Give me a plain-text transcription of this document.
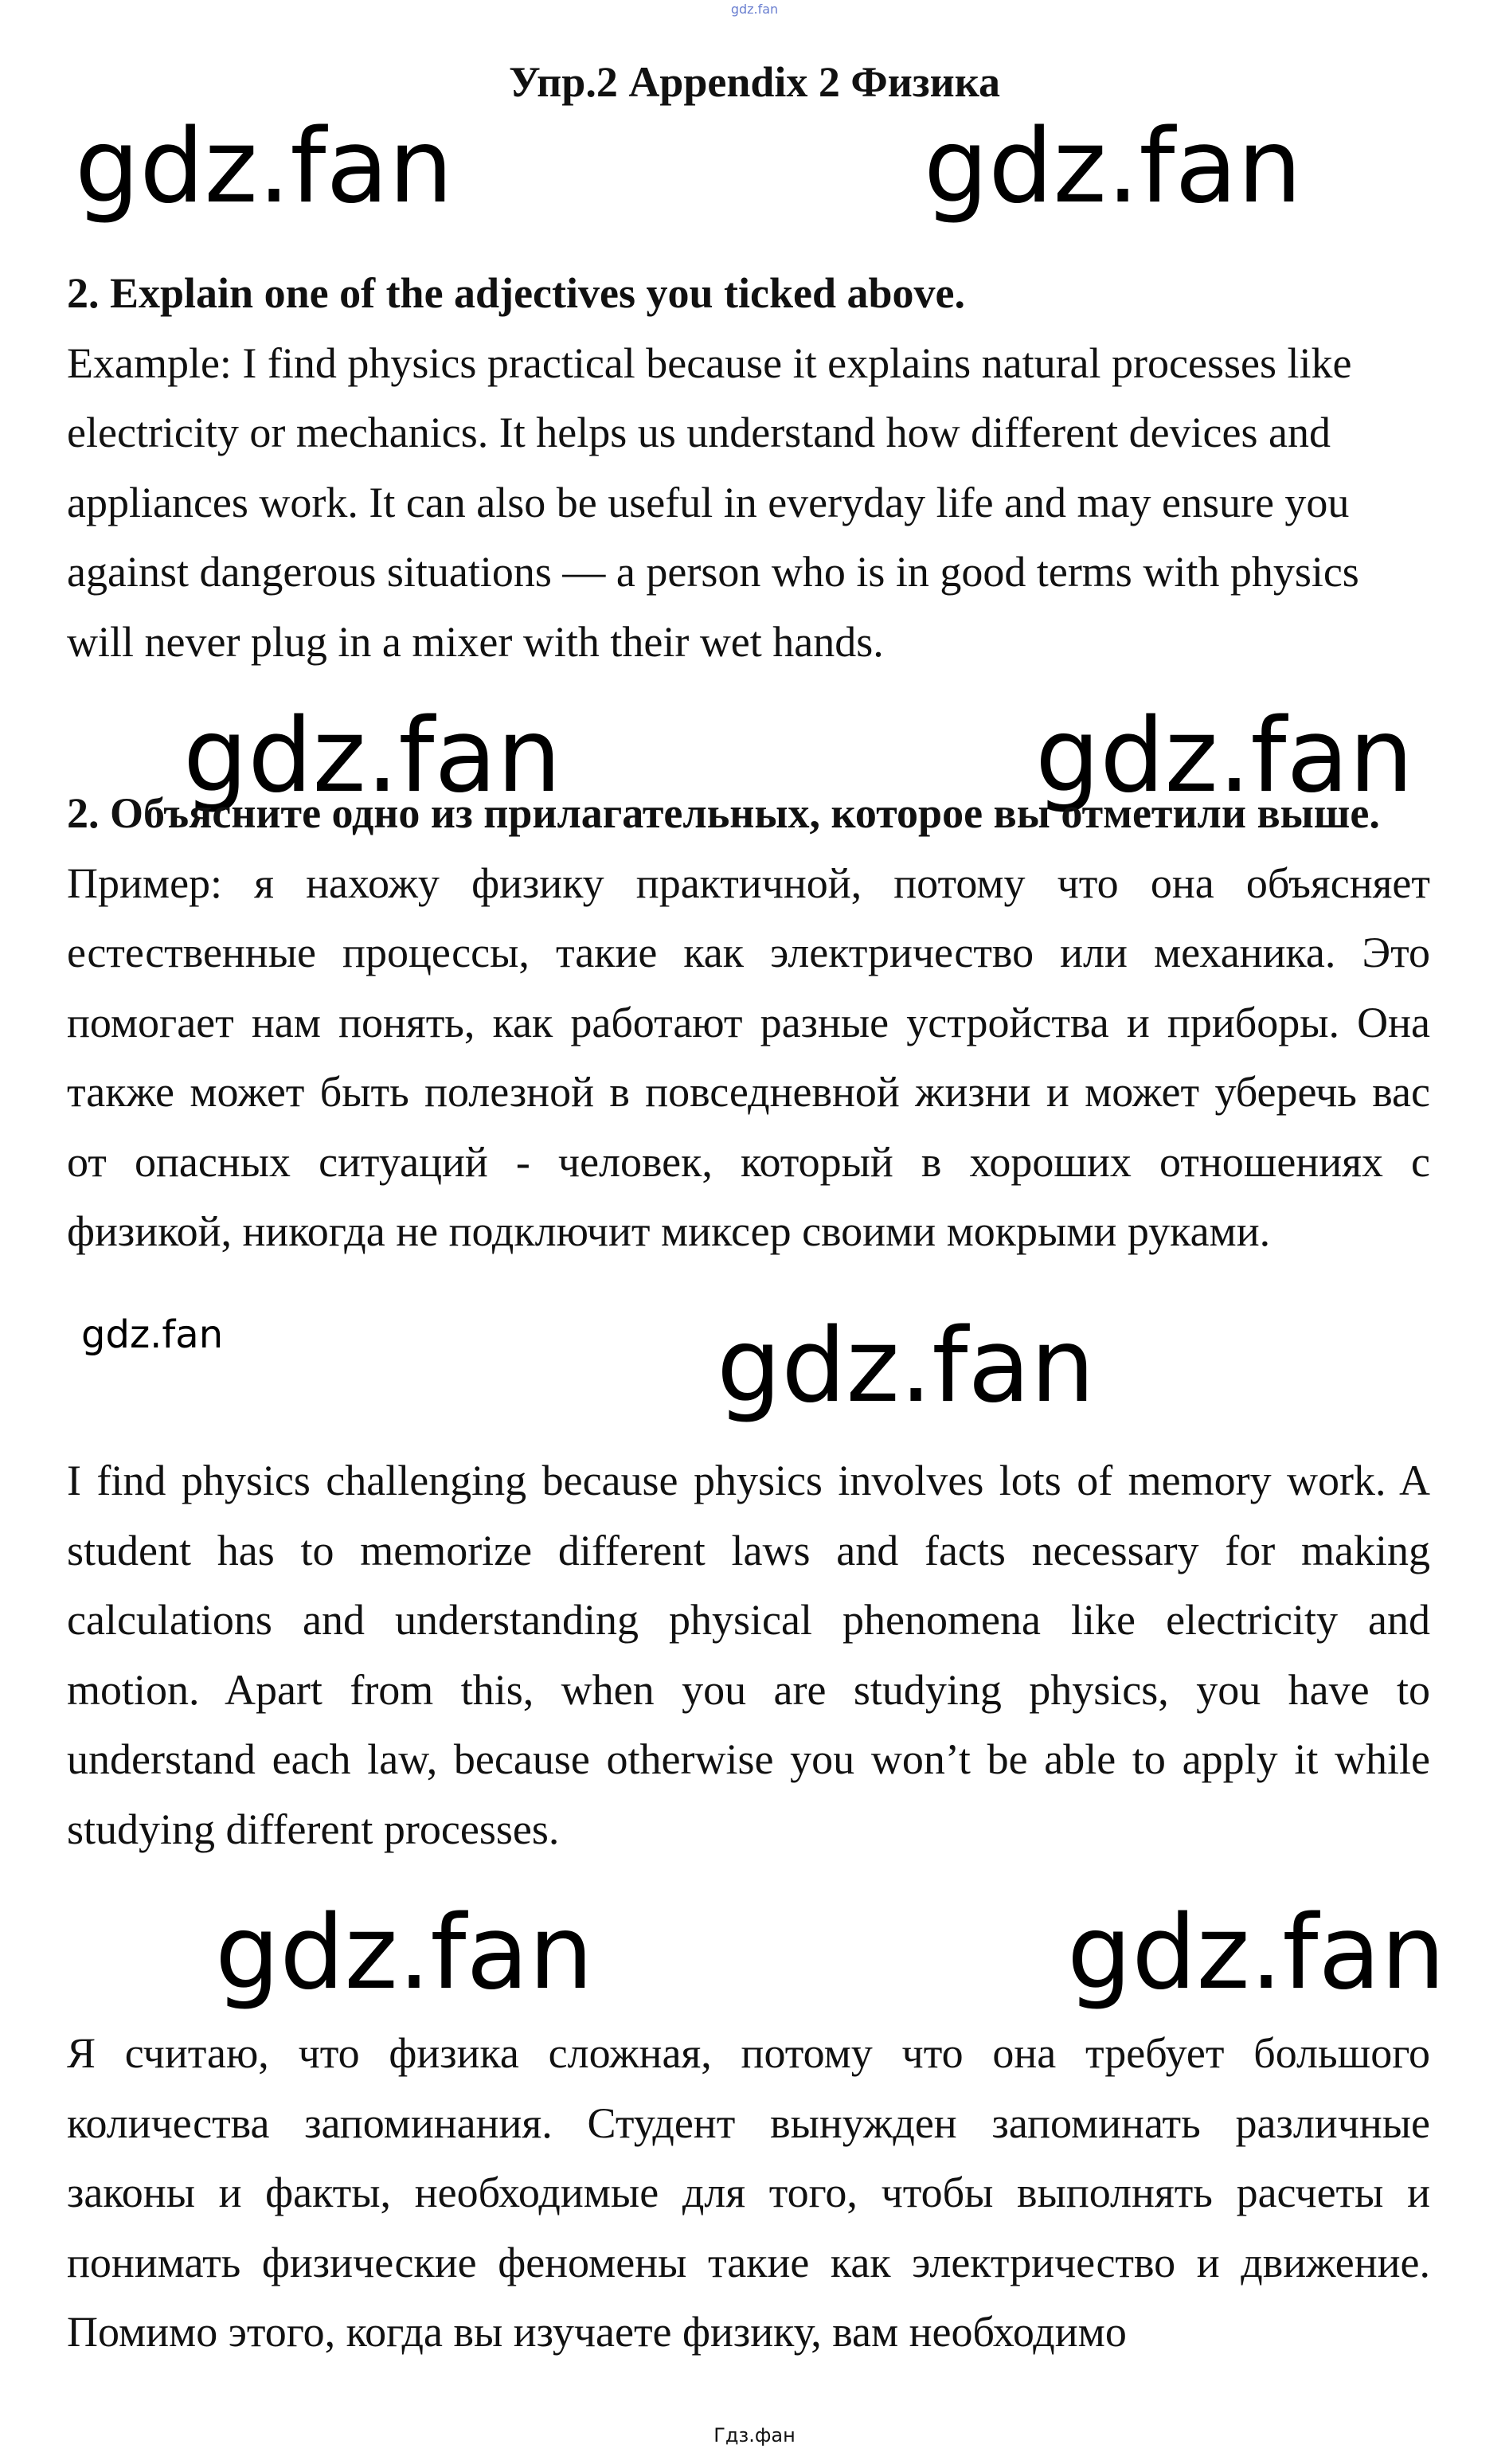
gdz.fan
Упр.2 Appendix 2 Физика
gdz.fan	gdz.fan
gdz.fan	gdz.fan
gdz.fan	gdz.fan
gdz.fan	gdz.fan

2. Explain one of the adjectives you ticked above.

Example: I find physics practical because it explains natural processes like electricity or mechanics. It helps us understand how different devices and appliances work. It can also be useful in everyday life and may ensure you against dangerous situations — a person who is in good terms with physics will never plug in a mixer with their wet hands.

2. Объясните одно из прилагательных, которое вы отметили выше.

Пример: я нахожу физику практичной, потому что она объясняет естественные процессы, такие как электричество или механика. Это помогает нам понять, как работают разные устройства и приборы. Она также может быть полезной в повседневной жизни и может уберечь вас от опасных ситуаций - человек, который в хороших отношениях с физикой, никогда не подключит миксер своими мокрыми руками.

I find physics challenging because physics involves lots of memory work. A student has to memorize different laws and facts necessary for making calculations and understanding physical phenomena like electricity and motion. Apart from this, when you are studying physics, you have to understand each law, because otherwise you won’t be able to apply it while studying different processes.

Я считаю, что физика сложная, потому что она требует большого количества запоминания. Студент вынужден запоминать различные законы и факты, необходимые для того, чтобы выполнять расчеты и понимать физические феномены такие как электричество и движение. Помимо этого, когда вы изучаете физику, вам необходимо

Гдз.фан
